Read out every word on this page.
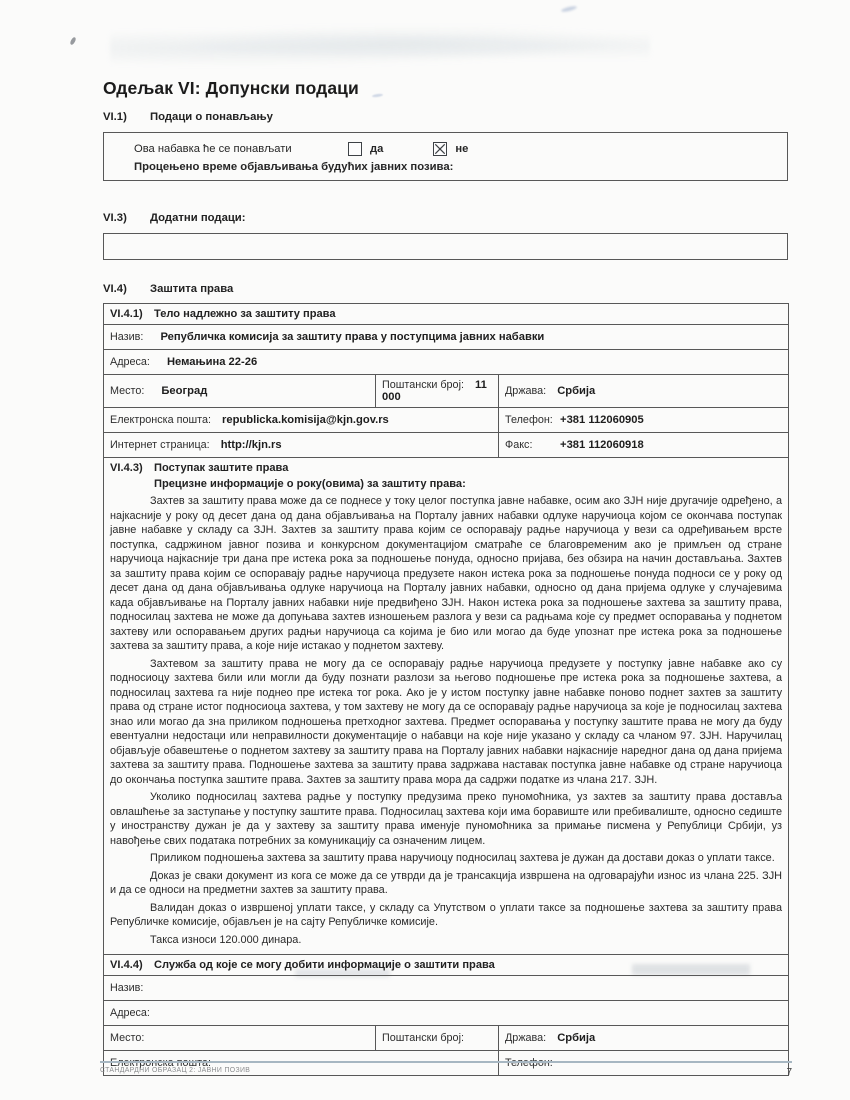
Одељак VI: Допунски подаци
VI.1)	Подаци о понављању
Ова набавка ће се понављати	да	не
Процењено време објављивања будућих јавних позива:
VI.3)	Додатни подаци:
VI.4)	Заштита права
VI.4.1) Тело надлежно за заштиту права		

Назив: Републичка комисија за заштиту права у поступцима јавних набавки		
Адреса: Немањина 22-26		
Место: Београд	Поштански број: 11 000	Држава: Србија
Електронска пошта: republicka.komisija@kjn.gov.rs		Телефон: +381 112060905
Интернет страница: http://kjn.rs		Факс: +381 112060918

VI.4.3)	Поступак заштите права
Прецизне информације о року(овима) за заштиту права:

Захтев за заштиту права може да се поднесе у току целог поступка јавне набавке, осим ако ЗЈН није другачије одређено, а најкасније у року од десет дана од дана објављивања на Порталу јавних набавки одлуке наручиоца којом се окончава поступак јавне набавке у складу са ЗЈН. Захтев за заштиту права којим се оспоравају радње наручиоца у вези са одређивањем врсте поступка, садржином јавног позива и конкурсном документацијом сматраће се благовременим ако је примљен од стране наручиоца најкасније три дана пре истека рока за подношење понуда, односно пријава, без обзира на начин достављања. Захтев за заштиту права којим се оспоравају радње наручиоца предузете након истека рока за подношење понуда подноси се у року од десет дана од дана објављивања одлуке наручиоца на Порталу јавних набавки, односно од дана пријема одлуке у случајевима када објављивање на Порталу јавних набавки није предвиђено ЗЈН. Након истека рока за подношење захтева за заштиту права, подносилац захтева не може да допуњава захтев изношењем разлога у вези са радњама које су предмет оспоравања у поднетом захтеву или оспоравањем других радњи наручиоца са којима је био или могао да буде упознат пре истека рока за подношење захтева за заштиту права, а које није истакао у поднетом захтеву.

Захтевом за заштиту права не могу да се оспоравају радње наручиоца предузете у поступку јавне набавке ако су подносиоцу захтева били или могли да буду познати разлози за његово подношење пре истека рока за подношење захтева, а подносилац захтева га није поднео пре истека тог рока. Ако је у истом поступку јавне набавке поново поднет захтев за заштиту права од стране истог подносиоца захтева, у том захтеву не могу да се оспоравају радње наручиоца за које је подносилац захтева знао или могао да зна приликом подношења претходног захтева. Предмет оспоравања у поступку заштите права не могу да буду евентуални недостаци или неправилности документације о набавци на које није указано у складу са чланом 97. ЗЈН. Наручилац објављује обавештење о поднетом захтеву за заштиту права на Порталу јавних набавки најкасније наредног дана од дана пријема захтева за заштиту права. Подношење захтева за заштиту права задржава наставак поступка јавне набавке од стране наручиоца до окончања поступка заштите права. Захтев за заштиту права мора да садржи податке из члана 217. ЗЈН.

Уколико подносилац захтева радње у поступку предузима преко пуномоћника, уз захтев за заштиту права доставља овлашћење за заступање у поступку заштите права. Подносилац захтева који има боравиште или пребивалиште, односно седиште у иностранству дужан је да у захтеву за заштиту права именује пуномоћника за примање писмена у Републици Србији, уз навођење свих података потребних за комуникацију са означеним лицем.

Приликом подношења захтева за заштиту права наручиоцу подносилац захтева је дужан да достави доказ о уплати таксе.

Доказ је сваки документ из кога се може да се утврди да је трансакција извршена на одговарајући износ из члана 225. ЗЈН и да се односи на предметни захтев за заштиту права.

Валидан доказ о извршеној уплати таксе, у складу са Упутством о уплати таксе за подношење захтева за заштиту права Републичке комисије, објављен је на сајту Републичке комисије.

Такса износи 120.000 динара.

VI.4.4) Служба од које се могу добити информације о заштити права		

Назив:		
Адреса:		
Место:	Поштански број:	Држава: Србија
Електронска пошта:		Телефон:
СТАНДАРДНИ ОБРАЗАЦ 2: ЈАВНИ ПОЗИВ	7
